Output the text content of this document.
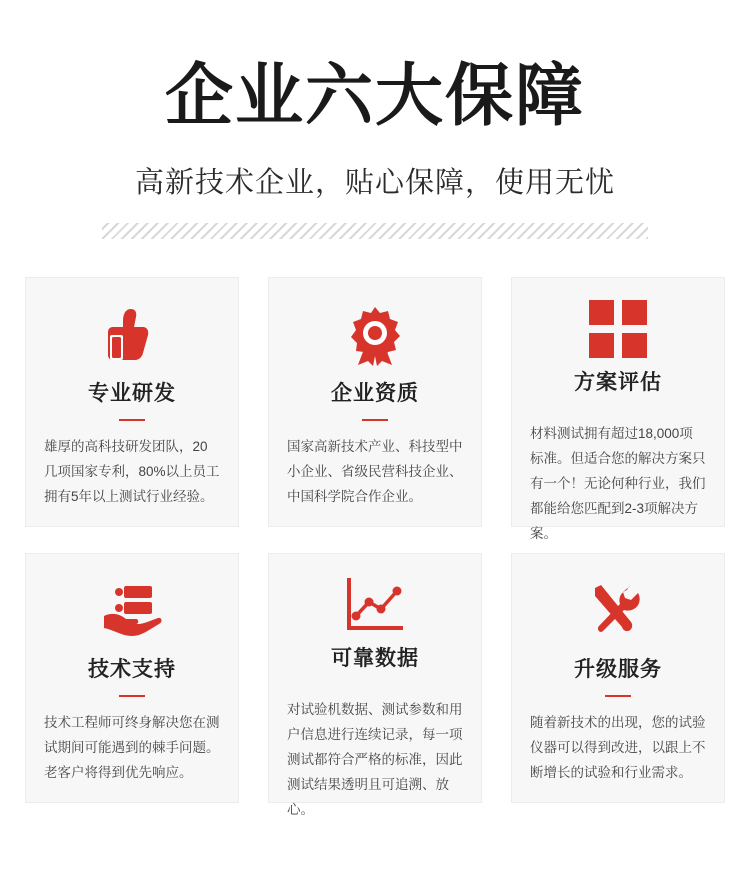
企业六大保障
高新技术企业，贴心保障，使用无忧
专业研发
雄厚的高科技研发团队，20几项国家专利，80%以上员工拥有5年以上测试行业经验。
企业资质
国家高新技术产业、科技型中小企业、省级民营科技企业、中国科学院合作企业。
方案评估
材料测试拥有超过18,000项标准。但适合您的解决方案只有一个！无论何种行业，我们都能给您匹配到2-3项解决方案。
技术支持
技术工程师可终身解决您在测试期间可能遇到的棘手问题。老客户将得到优先响应。
可靠数据
对试验机数据、测试参数和用户信息进行连续记录，每一项测试都符合严格的标准，因此测试结果透明且可追溯、放心。
升级服务
随着新技术的出现，您的试验仪器可以得到改进，以跟上不断增长的试验和行业需求。
